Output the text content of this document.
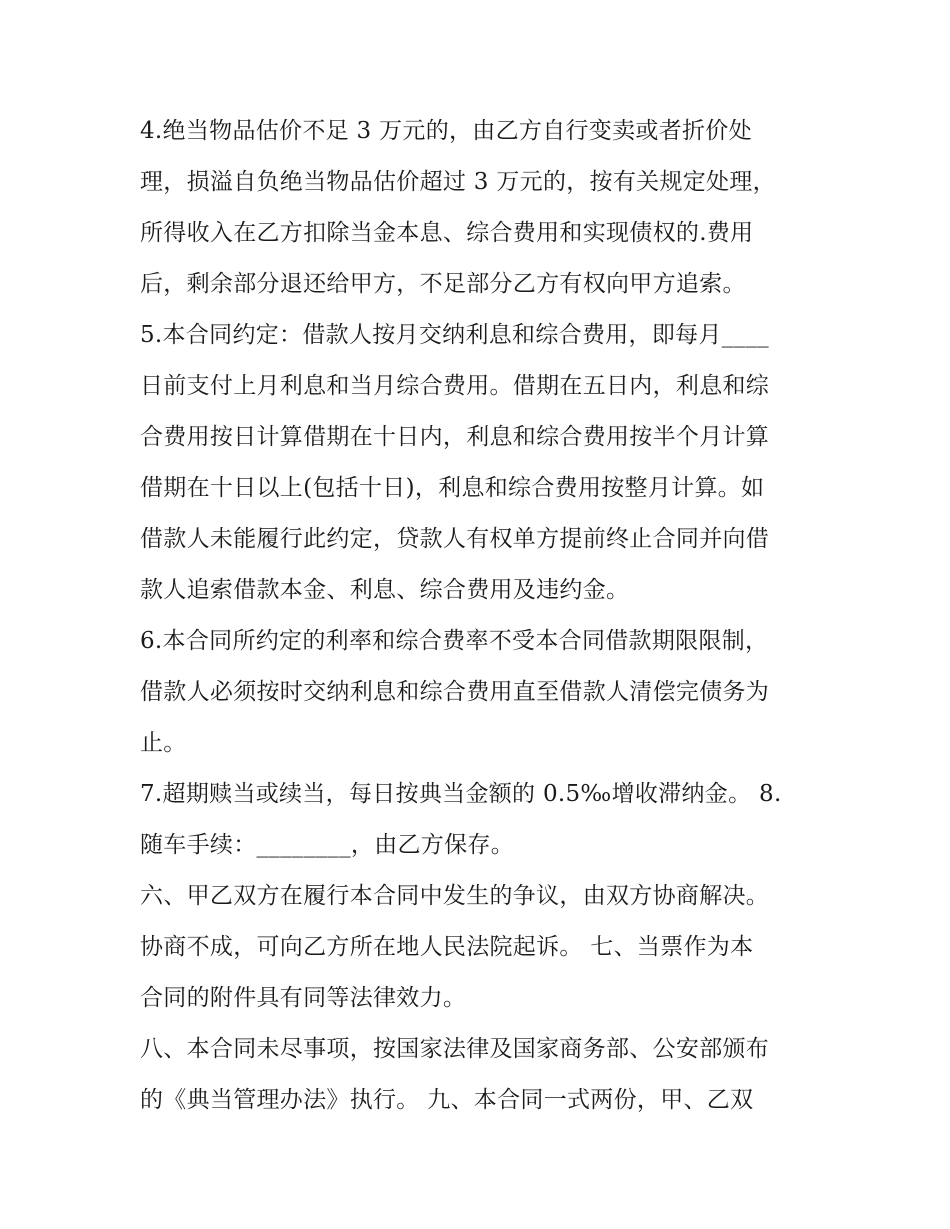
4.绝当物品估价不足 3 万元的，由乙方自行变卖或者折价处
理，损溢自负绝当物品估价超过 3 万元的，按有关规定处理，
所得收入在乙方扣除当金本息、综合费用和实现债权的.费用
后，剩余部分退还给甲方，不足部分乙方有权向甲方追索。
5.本合同约定：借款人按月交纳利息和综合费用，即每月____
日前支付上月利息和当月综合费用。借期在五日内，利息和综
合费用按日计算借期在十日内，利息和综合费用按半个月计算
借期在十日以上(包括十日)，利息和综合费用按整月计算。如
借款人未能履行此约定，贷款人有权单方提前终止合同并向借
款人追索借款本金、利息、综合费用及违约金。
6.本合同所约定的利率和综合费率不受本合同借款期限限制，
借款人必须按时交纳利息和综合费用直至借款人清偿完债务为
止。
7.超期赎当或续当，每日按典当金额的 0.5‰增收滞纳金。 8.
随车手续：________，由乙方保存。
六、甲乙双方在履行本合同中发生的争议，由双方协商解决。
协商不成，可向乙方所在地人民法院起诉。 七、当票作为本
合同的附件具有同等法律效力。
八、本合同未尽事项，按国家法律及国家商务部、公安部颁布
的《典当管理办法》执行。 九、本合同一式两份，甲、乙双
